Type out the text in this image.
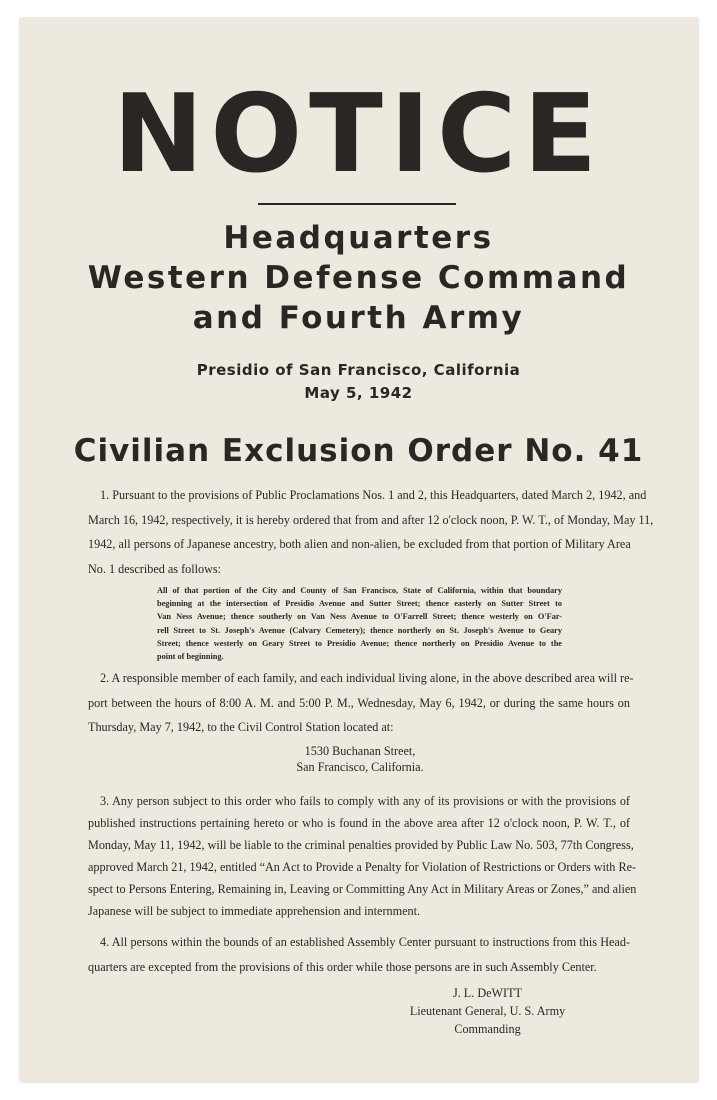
NOTICE
Headquarters
Western Defense Command
and Fourth Army
Presidio of San Francisco, California
May 5, 1942
Civilian Exclusion Order No. 41
1. Pursuant to the provisions of Public Proclamations Nos. 1 and 2, this Headquarters, dated March 2, 1942, and
March 16, 1942, respectively, it is hereby ordered that from and after 12 o'clock noon, P. W. T., of Monday, May 11,
1942, all persons of Japanese ancestry, both alien and non-alien, be excluded from that portion of Military Area
No. 1 described as follows:
All of that portion of the City and County of San Francisco, State of California, within that boundary
beginning at the intersection of Presidio Avenue and Sutter Street; thence easterly on Sutter Street to
Van Ness Avenue; thence southerly on Van Ness Avenue to O'Farrell Street; thence westerly on O'Far-
rell Street to St. Joseph's Avenue (Calvary Cemetery); thence northerly on St. Joseph's Avenue to Geary
Street; thence westerly on Geary Street to Presidio Avenue; thence northerly on Presidio Avenue to the
point of beginning.
2. A responsible member of each family, and each individual living alone, in the above described area will re-
port between the hours of 8:00 A. M. and 5:00 P. M., Wednesday, May 6, 1942, or during the same hours on
Thursday, May 7, 1942, to the Civil Control Station located at:
1530 Buchanan Street,
San Francisco, California.
3. Any person subject to this order who fails to comply with any of its provisions or with the provisions of
published instructions pertaining hereto or who is found in the above area after 12 o'clock noon, P. W. T., of
Monday, May 11, 1942, will be liable to the criminal penalties provided by Public Law No. 503, 77th Congress,
approved March 21, 1942, entitled “An Act to Provide a Penalty for Violation of Restrictions or Orders with Re-
spect to Persons Entering, Remaining in, Leaving or Committing Any Act in Military Areas or Zones,” and alien
Japanese will be subject to immediate apprehension and internment.
4. All persons within the bounds of an established Assembly Center pursuant to instructions from this Head-
quarters are excepted from the provisions of this order while those persons are in such Assembly Center.
J. L. DeWITT
Lieutenant General, U. S. Army
Commanding
